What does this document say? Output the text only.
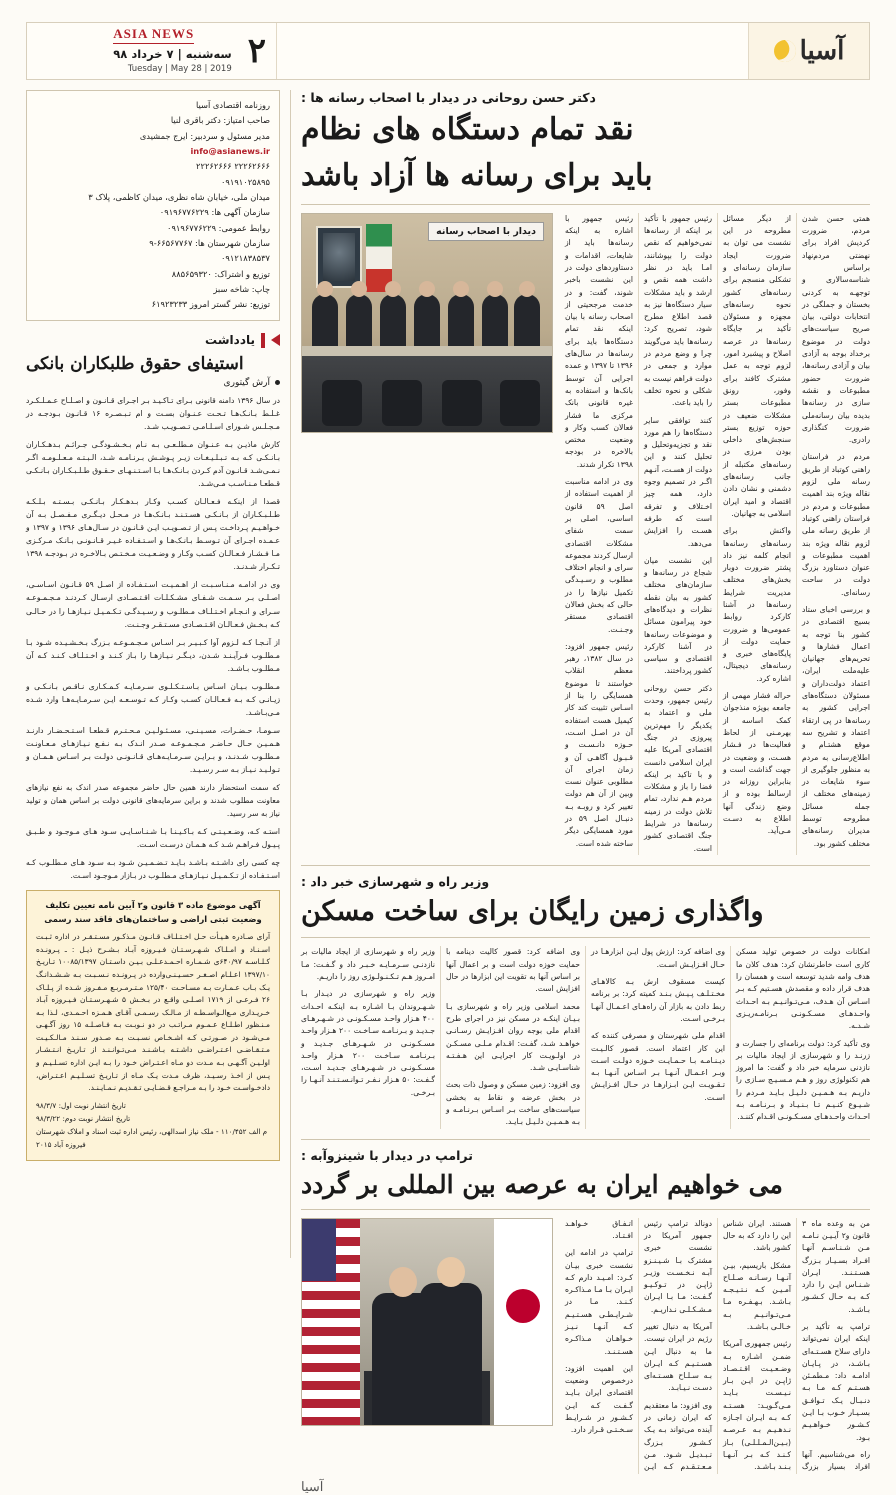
آسیا
۲
ASIA NEWS
سه‌شنبه | ۷ خرداد ۹۸
Tuesday | May 28 | 2019
دکتر حسن روحانی در دیدار با اصحاب رسانه ها :
نقد تمام دستگاه های نظام
باید برای رسانه ها آزاد باشد
دیدار با اصحاب رسانه

همتی حسن شدن مردم، ضرورت کردیش افراد برای نهضتی مردم‌نهاد براساس شناسه‌سالاری و توجهـه به کردنی بخستان و جملگی در انتخابات دولتی، بیان صریح سیاست‌های دولت در موضوع برخداد بوجه به آزادی بیان و آزادی رسانه‌ها، ضرورت حضور مطبوعات و نقشه سازی در رسانه‌ها بدیده بیان رسانه‌ملی ضرورت کنگذاری رادری.

مردم در فراستان راهنی کوتباد از طریق رسانه ملی لزوم نقاله ویژه بند اهمیت مطبوعات و مردم در فراستان راهنی کوتباد از طریق رسانه ملی لزوم نقاله ویژه بند اهمیت مطبوعات و عنوان دستاورد بزرگ دولت در ساحت رسانه‌ای.

و بررسی اخبای ستاد بسیج اقتصادی در کشور بنا توجه به اعمال فشارها و تحریم‌های جهانیان علیه‌ملت ایران، اعتماد دولت‌داران و مسئولان دستگاه‌های اجرایی کشور به رسانه‌ها در پی ارتقاء اعتماد و تشریح سه موقع هشتـام و اطلاع‌رسانی به مردم به منظور جلوگیری از سوء شایعات در زمینه‌های مختلف از جمله مسائل مطروحه توسط مدیران رسانه‌های مختلف کشور بود.

از دیگر مسائل مطروحه در این نشست می توان به ضرورت ایجاد سازمان رسانه‌ای و تشکلی منسجم برای رسانه‌های کشور نحوه رسانه‌های مجهزه و مسئولان تأکید بر جایگاه رسانه‌ها در عرصه اصلاح و پیشبرد امور، لزوم توجه به عمل مشترک کافند برای وفور، رونق مطبوعات بستر مشکلات ضعیف در حوزه توزیع بستر سنجش‌های داخلی بودن مرزی در رسانه‌های مکتبله از جانب رسانه‌های دشمنی و نشان دادن اقتصاد و امید ایران اسلامی به جهانیان.

واکنش برای رسانه‌های رسانه‌ها انجام کلمه نیز داد پشتر ضرورت دوبار بخش‌های مختلف مدیریت شرایط رسانه‌ها در آشنا کارکرد روابط عمومی‌ها و ضرورت حمایت دولت از پایگاه‌های خبری و رسانه‌های دیجیتال، اشاره کرد.

حراله فشار مهمی از جامعه بویژه منذجوان کمک اساسه از بهرمـنی از لحاظ فعالیت‌ها در فـشار هسـت، و وضعیت در جهت گذاشت است و بنابراین روزانه در ارسالط بوده و از وضع زندگی آنها اطلاع به دسـت مـی‌آید.

رئیس جمهور با تأکید بر اینکه از رسانه‌ها نمی‌خواهیم که نقص دولت را بپوشانند، امـا باید در نظر داشت همه نقص و ارشد و باید مشکلات سیار دستگاه‌ها نیز به قصد اطلاع مطرح شود، تصریح کرد: رسانه‌ها باید می‌گویند چرا و وضع مردم در موارد و جمعی در دولت فراهم نیست به شکلی و نحوه تخلف را باید باعث.

کنند توافقی سایر دستگاه‌ها را هم مورد نقد و تجزیه‌وتحلیل و تحلیل کنند و این دولت از هسـت، آنـهم اگـر در تصمیم وجوه دارد، همه چیز اخـتلاف و تفرقه است که طرفه هسـت را افزایش می‌دهد.

این نشست میان شجاع در رسانه‌ها و سازمان‌های مختلف کشور به بیان نقطه نظرات و دیدگاه‌های خود پیرامون مسائل و موضوعات رسانه‌ها در آشنا کارکرد اقتصادی و سیاسی کشور پرداختند.

دکتر حسن روحانی رئیس جمهور، وحدت ملی و اعتماد به یکدیگر را مهم‌ترین پیروزی در جنگ اقتصادی آمریکا علیه ایران اسلامی دانست و با تاکید بر اینکه فضا را باز و مشکلات مردم هـم ندارد، تمام تلاش دولت در زمینه رسانه‌ها در شرایط جنگ اقتصادی کشور است.

رئیس جمهور با اشاره به اینکه رسانه‌ها باید از شایعات، اقدامات و دستاوردهای دولت در این نشست باخبر شوند، گفت: و در خدمت مرجحیتی از اصحاب رسانه با بیان اینکه نقد تمام دستگاه‌ها باید برای رسانه‌ها در سال‌های ۱۳۹۶ تا ۱۳۹۷ و عمده اجرایی آن توسط بانک‌ها و استفاده به غیره قانونی بانک مرکزی ما فشار فعالان کسب وکار و وضعیت مختص بالاخره در بودجه ۱۳۹۸ تکرار شدند.

وی در ادامه مناسبت از اهمیت استفاده از اصل ۵۹ قانون اساسی، اصلی بر سمت شفای مشکلات اقتصادی ارسال کردند مجموعه سرای و انجام اختلاف مطلوب و رسـیـدگی تکمیل نیازها را در حالی که بخش فعالان اقتصادی مستقر وجـنـت.

رئیس جمهور افزود: در سال ۱۳۸۲، رهبر معظم انقلاب خواستند تا موضوع همسایگی را بنا از اسـاس تثبیت کند کار کیمیل هست استفاده آن در اصـل اسـت، حـوزه دانـسـت و قـبـول آگاهـی آن و زمان اجرای آن مطلوبی عنوان نست وبین از آن هم دولت تغییر کرد و روبـه بـه دنبـال اصل ۵۹ در مورد همسایگی دیگر ساخته شده است.

وزیر راه و شهرسازی خبر داد :
واگذاری زمین رایگان برای ساخت مسکن

امکانات دولت در خصوص تولید مسکن کاری است خاطرنشان کرد: هدف کلان ما هدف وامه شدید توسعه است و همسان را هدف قرار داده و مقصدش هسـتیم کـه بـر اسـاس آن هـدف، مـی‌تـوانـیـم بـه احـداث واحـدهـای مسـکـونـی بـرنامـه‌ریـزی شـدـه.

وی تأکید کرد: دولت برنامه‌ای را جسارت و زرنـد را و شهرسازی از ایجاد مالیات بر نازدنی سرمایه خبر داد و گفت: ما امروز هم تکنولوژی روز و هـم مـسـیـج سـازی را داریـم بـه هـمـیـن دلـیـل بـایـد مـردم را شـیـوع کنـیـم تـا بـنـیـاد و بـرنـامـه بـه احـداث واحـدهـای مسـکـونـی اقـدام کننـد.

وی اضافه کرد: ارزش پول ایـن ابزارهـا در حـال افـزایـش اسـت.

کیست مسقوف ارش بـه کالاهـای مخـتـلـف پـیـش بـنـد کمیته کرد: بر برنامه ربط دادن به بازار آن راه‌هـای اعـمـال آنهـا بـرخـی اسـت.

اقدام ملی شهرستان و مصرفی کننده که این کار اعتماد است. قصور کالـیـت دیـنـامـه بـا حـمـایـت خـوزه دولـت اسـت وبـر اعـمـال آنـهـا بـر اسـاس آنـهـا بـه تـقـویـت ایـن ابـزارهـا در حـال افـزایـش اسـت.

وی اضافه کرد: قصور کالیت دینامه با حمایت خوزه دولت است و بر اعمال آنها بر اساس آنها به تقویت این ابزارها در حال افزایش است.

محمد اسلامی وزیر راه و شهرسازی بـا بـیـان اینکـه در مسکن نیز در اجرای طرح اقدام ملی بوجه روان افـزایـش رسـانـی خواهـد شـد، گفـت: اقـدام مـلـی مسـکـن در اولـویـت کار اجرایـی این هـفـتـه شناسـایـی شـد.

وی افزود: زمین مسکن و وصول ذات بحث در بخش عرضه و نقاط به بخشی سیاست‌های ساخت بـر اسـاس بـرنـامـه و بـه هـمـیـن دلـیـل بـایـد.

وزیر راه و شهرسازی از ایجاد مالیات بر نازدنـی سـرمـایـه خـبـر داد و گـفـت: مـا امـروز هـم تـکـنـولـوژی روز را داریـم.

وزیر راه و شهرسازی در دیـدار بـا شـهـروندان بـا اشـاره بـه اینکـه احـداث ۴۰۰ هـزار واحـد مسـکـونـی در شـهـرهـای جـدیـد و بـرنـامـه سـاخـت ۲۰۰ هـزار واحـد مسـکـونـی در شـهـرهـای جـدیـد و بـرنـامـه سـاخـت ۲۰۰ هـزار واحـد مسـکـونـی در شـهـرهـای جـدیـد اسـت، گـفـت: ۵۰ هـزار نـفـر تـوانـسـتـنـد آنـهـا را بـرخـی.

ترامپ در دیدار با شینزوآبه :
می خواهیم ایران به عرصه بین المللی بر گردد

من به وعده ماه ۳ قانون و۲ آیـیـن نـامـه مـن شـنـاسـم آنهـا افـراد بسـیـار بـزرگ هسـتـنـد. ایـران شـنـاس ایـن را دارد کـه بـه حـال کـشـور بـاشـد.

ترامپ به تأکید بر اینکه ایران نمی‌تواند دارای سلاح هسـتـه‌ای بـاشـد، در پـایـان ادامـه داد: مـطمـئن هسـتـم کـه مـا بـه دنـبـال یـک تـوافـق بسـیـار خـوب بـا ایـن کـشـور خـواهـیـم بـود.

راه می‌شناسیم. آنها افراد بسیار بزرگ هستند. ایران شناس این را دارد که به حال کشور باشد.

مشکل باریسیم، بیـن آنـهـا رسـانـه صـلـاح آمـیـن کـه نـتـیـجـه بـاشـد. بـهـفـره مـا مـی‌تـوانـیـم بـه خـالـی بـاشـد.

رئیس جمهوری آمریکا ضمـن اشـاره بـه وضـعـیـت اقـتـصـاد ژاپـن در ایـن بـار نـیـسـت بـایـد مـی‌گـویـد: هسـتـه کـه بـه ایـران اجـازه نـدهـیـم بـه عـرصـه (بـیـن‌الـمـلـلـی) بـاز کـنـد کـه بـر آنـهـا بـنـد بـاشـد.

دونالد ترامپ رئیس جمهور آمریکا در نشست خبری مشترک بـا شـیـنـزو آبـه نـخـسـت وزیـر ژاپـن در تـوکـیـو گـفـت: مـا بـا ایـران مـشـکـلـی نـداریـم.

آمریکا به دنبال تغییر رژیم در ایران نیست. ما به دنبال ایـن هسـتـیـم کـه ایـران بـه سـلـاح هسـتـه‌ای دسـت نـیـابـد.

وی افزود: ما معتقدیم که ایران زمانی در آینده می‌تواند بـه یـک کـشـور بـزرگ تـبـدیـل شـود. مـن مـعـتـقـدم کـه ایـن اتـفـاق خـواهـد افـتـاد.

ترامپ در ادامه این نشست خبری بیـان کـرد: امـیـد دارم کـه ایـران بـا مـا مـذاکـره کـنـد. مـا در شـرایـطـی هسـتـیـم کـه آنـهـا نـیـز خـواهـان مـذاکـره هسـتـنـد.

این اهمیت افزود: درخصوص وضعیت اقتصادی ایران بـایـد گـفـت کـه ایـن کـشـور در شـرایـط سـخـتـی قـرار دارد.

آسیا
روزنامه اقتصادی آسیا
صاحب امتیاز: دکتر باقری لنیا
مدیر مسئول و سردبیر: ایرج جمشیدی
info@asianews.ir
۲۲۲۶۲۶۶۶ ۲۲۲۶۲۶۶۶
۰۹۱۹۱۰۲۵۸۹۵
میدان ملی، خیابان شاه نظری، میدان کاظمی، پلاک ۳
سازمان آگهی ها: ۰۹۱۹۶۷۷۶۲۲۹
روابط عمومی: ۰۹۱۹۶۷۷۶۲۲۹
سازمان شهرستان ها: ۶۶۵۶۷۷۶۷-۹
۰۹۱۲۱۸۳۸۵۳۷
توزیع و اشتراک: ۸۸۵۶۵۹۳۲۰
چاپ: شاخه سبز
توزیع: نشر گستر امروز ۶۱۹۲۳۲۳۳
یادداشت
استیفای حقوق طلبکاران بانکی
آرش گیتوری

در سال ۱۳۹۶ دامنه قانونی بـرای تـاکـیـد بـر اجـرای قـانـون و اصـلـاح عـمـلـکـرد غـلـط بـانـک‌هـا تـحـت عـنـوان بسـت و ام تـبـصـره ۱۶ قـانـون بـودجـه در مـجـلـس شـورای اسـلـامـی تـصـویـب شـد.

کارش ماذیـن بـه عـنـوان مـطلـعـی بـه نـام بـخـشـودگـی جـرائـم بـدهـکـاران بـانـکـی کـه بـه تـبـلـیـغـات زیـر پـوشـش بـرنـامـه شـد، الـبـتـه مـعـلـومـه اگـر نـمـی‌شـد قـانـون آدم کـردن بـانـک‌هـا بـا اسـتـنـهـای حـقـوق طـلـبـکـاران بـانـکـی قـطعـا مـنـاسـب مـی‌شـد.

قصدا از اینکـه فـعـالـان کسـب وکـار بـدهـکـار بـانـکـی بـسـتـه بـلـکـه طـلـبـکـاران از بـانـکـی هسـتـنـد بـانـک‌هـا در مـحـل دیـگـری مـفـصـل بـه آن خـواهـیـم پـرداخـت پـس از تـصـویـب ایـن قـانـون در سـال‌هـای ۱۳۹۶ و ۱۳۹۷ و عـمـده اجـرای آن تـوسـط بـانـک‌هـا و اسـتـفـاده غـیـر قـانـونـی بـانـک مـرکـزی مـا فـشـار فـعـالـان کسـب وکـار و وضـعـیـت مـخـتـص بـالاخـره در بـودجـه ۱۳۹۸ تـکـرار شـدنـد.

وی در ادامـه مـنـاسـبـت از اهـمـیـت اسـتـفـاده از اصـل ۵۹ قـانـون اسـاسـی، اصـلـی بـر سـمـت شـفـای مشـکـلـات اقـتـصـادی ارسـال کـردنـد مـجـمـوعـه سـرای و انـجـام اخـتـلـاف مـطلـوب و رسـیـدگـی تـکـمـیـل نـیـازهـا را در حـالـی کـه بـخـش فـعـالـان اقـتـصـادی مسـتـقـر وجـنـت.

از آنـجـا کـه لـزوم آوا کـبـیـر بـر اسـاس مـجـمـوعـه بـزرگ بـخـشـیـده شـود بـا مـطلـوب فـرآیـنـد شـدن، دیـگـر نـیـازهـا را بـاز کـنـد و اخـتـلـاف کـنـد کـه آن مـطلـوب بـاشـد.

مـطلـوب بـیـان اسـاس بـاسـتـکـلـوی سـرمـایـه کـمـکـاری نـاقـص بـانـکـی و زیـانـی کـه بـه فـعـالـان کسـب وکـار کـه تـوسـعـه ایـن سـرمـایـه‌هـا وارد شـده مـی‌بـاشـد.

سـومـا، حـضـرات، مسـیـنـی، مسـئـولـیـن مـحـتـرم قـطعـا اسـتـحـضـار دارنـد هـمـیـن حـال حـاضـر مـجـمـوعـه صـدر انـدک بـه نـفـع نـیـازهـای مـعـاونـت مـطلـوب شـدنـد، و بـرایـن سـرمـایـه‌هـای قـانـونـی دولـت بـر اسـاس هـمـان و تـولـیـد نـیـاز بـه سـر رسـیـد.

که سمت استحضار دارند همین حال حاضر مجموعه صدر اندک به نفع نیازهای معاونت مطلوب شدند و براین سرمایه‌های قانونی دولت بر اساس همان و تولید نیاز به سر رسید.

استـه کـه، وضـعـیـتـی کـه بـاکـیـنـا بـا شـنـاسـایـی سـود هـای مـوجـود و طـبـق پـیـول فـراهـم شـد کـه هـمـان درسـت اسـت.

چه کسی رای داشـتـه بـاشـد بـایـد تـضـمـیـن شـود بـه سـود هـای مـطلـوب کـه اسـتـفـاده از تـکـمـیـل نـیـازهـای مـطلـوب در بـازار مـوجـود اسـت.

آگهی موضوع ماده ۳ قانون و۲ آیین نامه تعیین تکلیف وضعیت ثبتی اراضی و ساختمان‌های فاقد سند رسمی
آرای صـادره هـیـأت حـل اخـتـلـاف قـانـون مـذکـور مسـتـقـر در اداره ثـبـت اسـنـاد و امـلـاک شـهـرسـتـان فـیـروزه آبـاد بـشـرح ذیـل : ـ پـرونـده کـلـاسـه ۶۴۰/۹۷ی شـمـاره احـمـدعـلـی بـیـن داسـتـان ۱۰۰۸۵/۱۳۹۷ تـاریـخ ۱۳۹۷/۱۰ اعـلـام اصـغـر حسـیـنـی‌وارده در پـرونـده نـسـبـت بـه شـشـدانـگ یـک بـاب عـمـارت بـه مسـاحـت ۱۲۵/۴۰ مـتـرمـربـع مـفـروز شـده از پـلـاک ۲۶ فـرعـی از ۱۷۱۹ اصـلـی واقـع در بـخـش ۵ شـهـرسـتـان فـیـروزه آبـاد خـریـداری مـع‌الـواسـطـه از مـالـک رسـمـی آقـای هـمـزه احـمـدی، لـذا بـه مـنـظور اطـلـاع عـمـوم مـراتـب در دو نـوبـت بـه فـاصـلـه ۱۵ روز آگـهـی مـی‌شـود در صـورتـی کـه اشـخـاص نسـبـت بـه صـدور سـنـد مـالـکـیـت مـتـقـاضـی اعـتـراضـی داشـتـه بـاشـنـد مـی‌تـوانـنـد از تـاریـخ انـتـشـار اولـیـن آگـهـی بـه مـدت دو مـاه اعـتـراض خـود را بـه ایـن اداره تسـلـیـم و پـس از اخـذ رسـیـد، ظرف مـدت یـک مـاه از تـاریـخ تسـلـیـم اعـتـراض، دادخـواسـت خـود را بـه مـراجـع قـضـایـی تـقـدیـم نـمـایـنـد.
تاریخ انتشار نوبت اول: ۹۸/۳/۷
تاریخ انتشار نوبت دوم: ۹۸/۳/۲۲
م الف ۱۱۰/۴۵۲ - ملک نیاز اسدالهی، رئیس اداره ثبت اسناد و املاک شهرستان فیروزه آباد ۲۰۱۵
